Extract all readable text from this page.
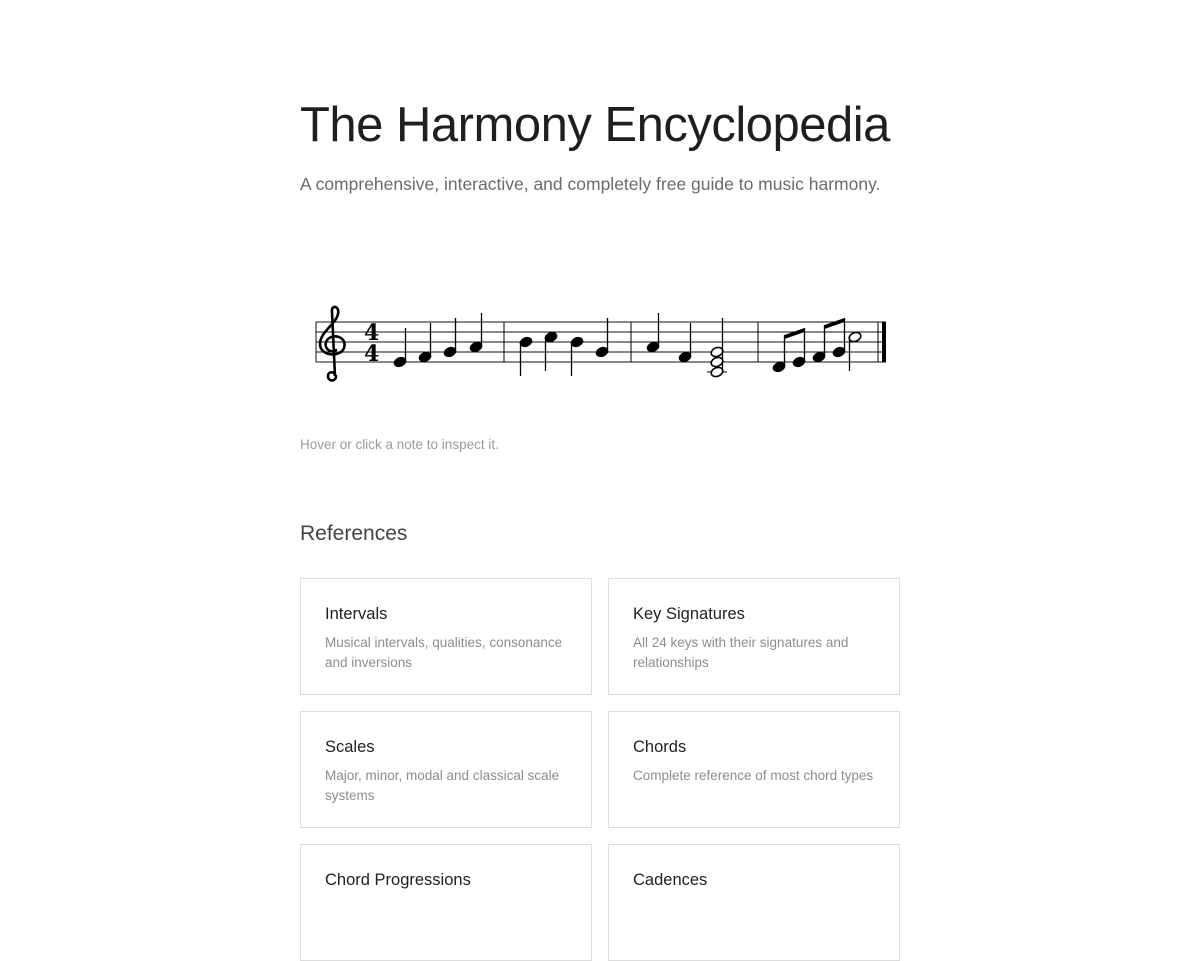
The Harmony Encyclopedia

A comprehensive, interactive, and completely free guide to music harmony.

4
4
Hover or click a note to inspect it.
References
Intervals
Musical intervals, qualities, consonance and inversions
Key Signatures
All 24 keys with their signatures and relationships
Scales
Major, minor, modal and classical scale systems
Chords
Complete reference of most chord types
Chord Progressions	Cadences
